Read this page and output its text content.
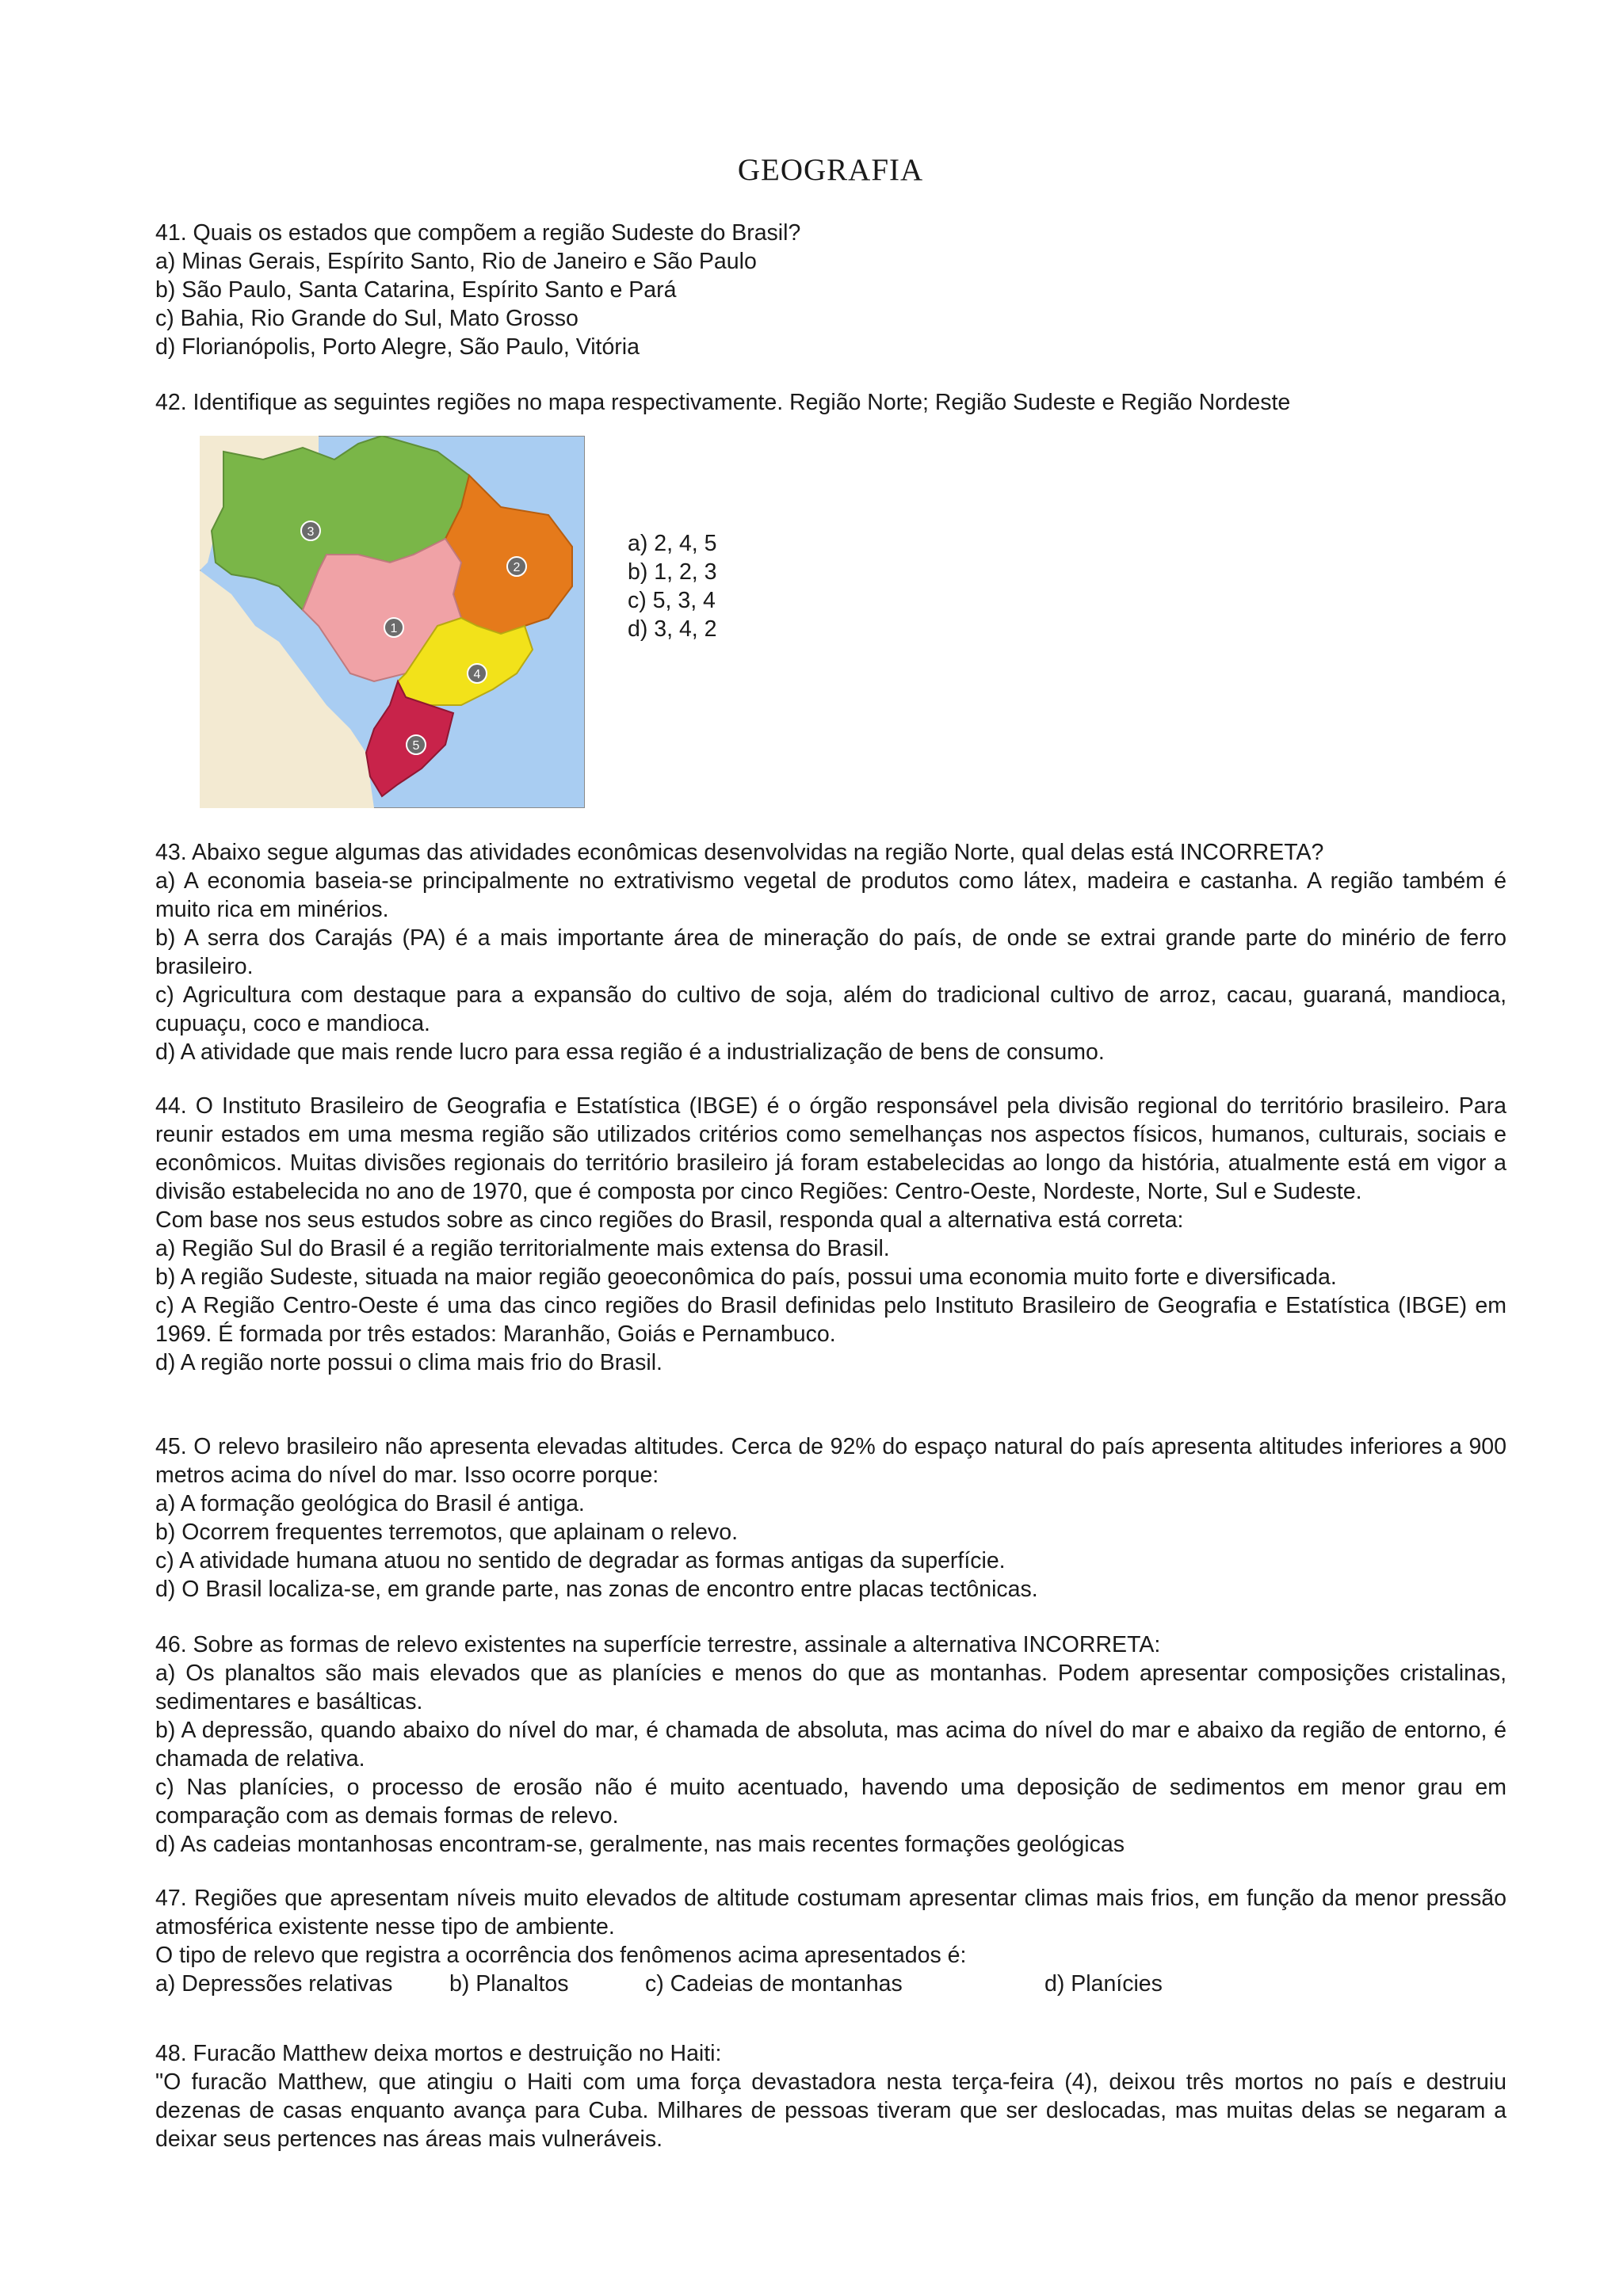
GEOGRAFIA
41. Quais os estados que compõem a região Sudeste do Brasil?
a) Minas Gerais, Espírito Santo, Rio de Janeiro e São Paulo
b) São Paulo, Santa Catarina, Espírito Santo e Pará
c) Bahia, Rio Grande do Sul, Mato Grosso
d) Florianópolis, Porto Alegre, São Paulo, Vitória
42. Identifique as seguintes regiões no mapa respectivamente. Região Norte; Região Sudeste e Região Nordeste
3
2
1
4
5
a) 2, 4, 5
b) 1, 2, 3
c) 5, 3, 4
d) 3, 4, 2
43. Abaixo segue algumas das atividades econômicas desenvolvidas na região Norte, qual delas está INCORRETA?
a) A economia baseia-se principalmente no extrativismo vegetal de produtos como látex, madeira e castanha. A região também é muito rica em minérios.
b) A serra dos Carajás (PA) é a mais importante área de mineração do país, de onde se extrai grande parte do minério de ferro brasileiro.
c) Agricultura com destaque para a expansão do cultivo de soja, além do tradicional cultivo de arroz, cacau, guaraná, mandioca, cupuaçu, coco e mandioca.
d) A atividade que mais rende lucro para essa região é a industrialização de bens de consumo.
44. O Instituto Brasileiro de Geografia e Estatística (IBGE) é o órgão responsável pela divisão regional do território brasileiro. Para reunir estados em uma mesma região são utilizados critérios como semelhanças nos aspectos físicos, humanos, culturais, sociais e econômicos. Muitas divisões regionais do território brasileiro já foram estabelecidas ao longo da história, atualmente está em vigor a divisão estabelecida no ano de 1970, que é composta por cinco Regiões: Centro-Oeste, Nordeste, Norte, Sul e Sudeste.
Com base nos seus estudos sobre as cinco regiões do Brasil, responda qual a alternativa está correta:
a) Região Sul do Brasil é a região territorialmente mais extensa do Brasil.
b) A região Sudeste, situada na maior região geoeconômica do país, possui uma economia muito forte e diversificada.
c) A Região Centro-Oeste é uma das cinco regiões do Brasil definidas pelo Instituto Brasileiro de Geografia e Estatística (IBGE) em 1969. É formada por três estados: Maranhão, Goiás e Pernambuco.
d) A região norte possui o clima mais frio do Brasil.
45. O relevo brasileiro não apresenta elevadas altitudes. Cerca de 92% do espaço natural do país apresenta altitudes inferiores a 900 metros acima do nível do mar. Isso ocorre porque:
a) A formação geológica do Brasil é antiga.
b) Ocorrem frequentes terremotos, que aplainam o relevo.
c) A atividade humana atuou no sentido de degradar as formas antigas da superfície.
d) O Brasil localiza-se, em grande parte, nas zonas de encontro entre placas tectônicas.
46. Sobre as formas de relevo existentes na superfície terrestre, assinale a alternativa INCORRETA:
a) Os planaltos são mais elevados que as planícies e menos do que as montanhas. Podem apresentar composições cristalinas, sedimentares e basálticas.
b) A depressão, quando abaixo do nível do mar, é chamada de absoluta, mas acima do nível do mar e abaixo da região de entorno, é chamada de relativa.
c) Nas planícies, o processo de erosão não é muito acentuado, havendo uma deposição de sedimentos em menor grau em comparação com as demais formas de relevo.
d) As cadeias montanhosas encontram-se, geralmente, nas mais recentes formações geológicas
47. Regiões que apresentam níveis muito elevados de altitude costumam apresentar climas mais frios, em função da menor pressão atmosférica existente nesse tipo de ambiente.
O tipo de relevo que registra a ocorrência dos fenômenos acima apresentados é:
a) Depressões relativas	b) Planaltos	c) Cadeias de montanhas	d) Planícies
48. Furacão Matthew deixa mortos e destruição no Haiti:
"O furacão Matthew, que atingiu o Haiti com uma força devastadora nesta terça-feira (4), deixou três mortos no país e destruiu dezenas de casas enquanto avança para Cuba. Milhares de pessoas tiveram que ser deslocadas, mas muitas delas se negaram a deixar seus pertences nas áreas mais vulneráveis.
